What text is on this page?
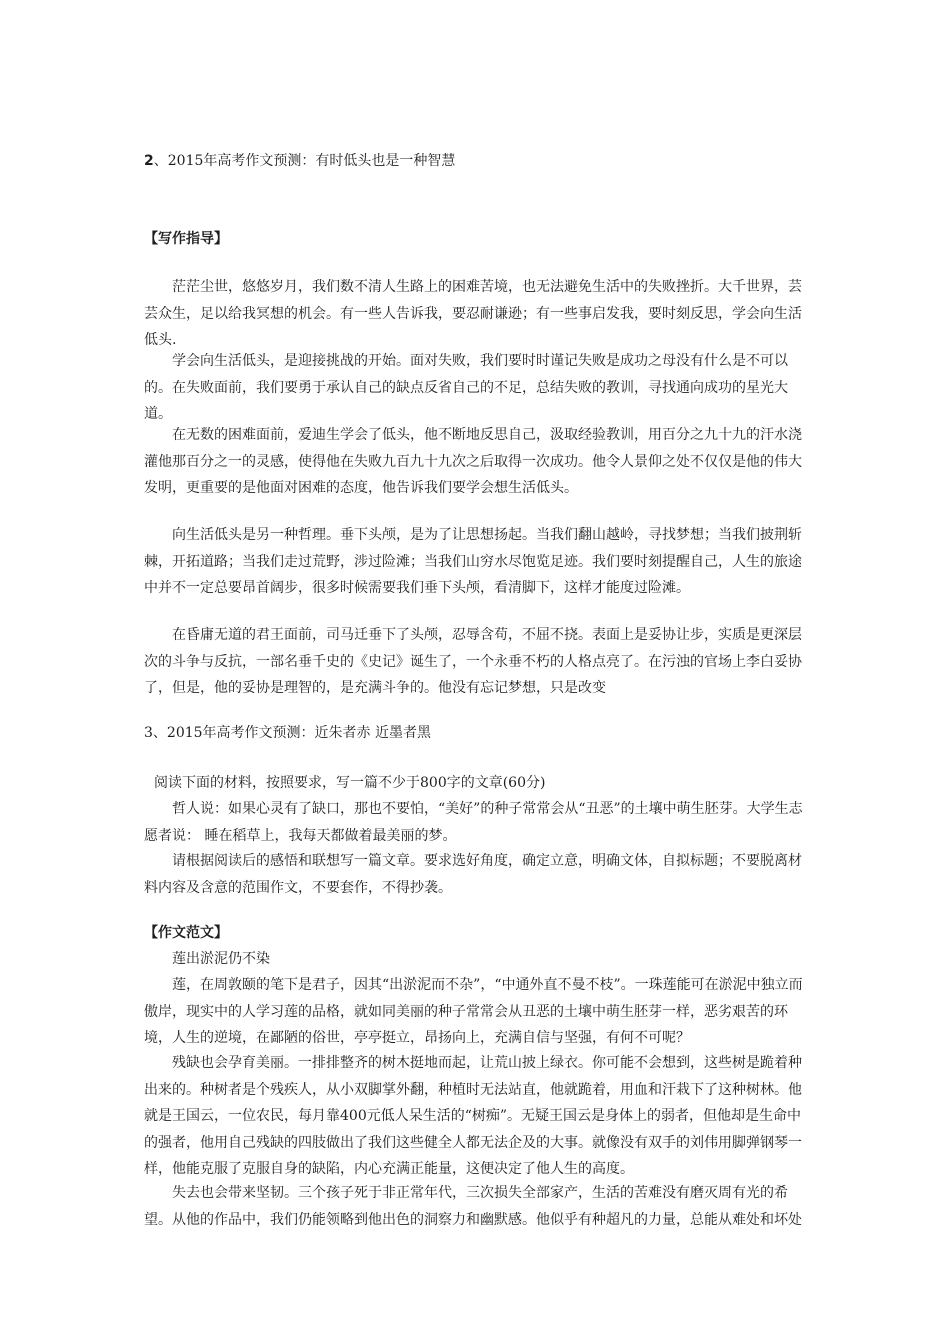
2、2015年高考作文预测：有时低头也是一种智慧

【写作指导】

茫茫尘世，悠悠岁月，我们数不清人生路上的困难苦境，也无法避免生活中的失败挫折。大千世界，芸芸众生，足以给我冥想的机会。有一些人告诉我，要忍耐谦逊；有一些事启发我，要时刻反思，学会向生活低头.

学会向生活低头，是迎接挑战的开始。面对失败，我们要时时谨记失败是成功之母没有什么是不可以的。在失败面前，我们要勇于承认自己的缺点反省自己的不足，总结失败的教训，寻找通向成功的星光大道。

在无数的困难面前，爱迪生学会了低头，他不断地反思自己，汲取经验教训，用百分之九十九的汗水浇灌他那百分之一的灵感，使得他在失败九百九十九次之后取得一次成功。他令人景仰之处不仅仅是他的伟大发明，更重要的是他面对困难的态度，他告诉我们要学会想生活低头。

向生活低头是另一种哲理。垂下头颅，是为了让思想扬起。当我们翻山越岭，寻找梦想；当我们披荆斩棘，开拓道路；当我们走过荒野，涉过险滩；当我们山穷水尽饱览足迹。我们要时刻提醒自己，人生的旅途中并不一定总要昂首阔步，很多时候需要我们垂下头颅，看清脚下，这样才能度过险滩。

在昏庸无道的君王面前，司马迁垂下了头颅，忍辱含苟，不屈不挠。表面上是妥协让步，实质是更深层次的斗争与反抗，一部名垂千史的《史记》诞生了，一个永垂不朽的人格点亮了。在污浊的官场上李白妥协了，但是，他的妥协是理智的，是充满斗争的。他没有忘记梦想，只是改变

3、2015年高考作文预测：近朱者赤 近墨者黑

阅读下面的材料，按照要求，写一篇不少于800字的文章(60分)

哲人说：如果心灵有了缺口，那也不要怕，“美好”的种子常常会从“丑恶”的土壤中萌生胚芽。大学生志愿者说： 睡在稻草上，我每天都做着最美丽的梦。

请根据阅读后的感悟和联想写一篇文章。要求选好角度，确定立意，明确文体，自拟标题；不要脱离材料内容及含意的范围作文，不要套作，不得抄袭。

【作文范文】

莲出淤泥仍不染

莲，在周敦颐的笔下是君子，因其“出淤泥而不杂”，“中通外直不曼不枝”。一珠莲能可在淤泥中独立而傲岸，现实中的人学习莲的品格，就如同美丽的种子常常会从丑恶的土壤中萌生胚芽一样，恶劣艰苦的环境，人生的逆境，在鄙陋的俗世，亭亭挺立，昂扬向上，充满自信与坚强，有何不可呢？

残缺也会孕育美丽。一排排整齐的树木挺地而起，让荒山披上绿衣。你可能不会想到，这些树是跪着种出来的。种树者是个残疾人，从小双脚掌外翻，种植时无法站直，他就跪着，用血和汗栽下了这种树林。他就是王国云，一位农民，每月靠400元低人呆生活的“树痴”。无疑王国云是身体上的弱者，但他却是生命中的强者，他用自己残缺的四肢做出了我们这些健全人都无法企及的大事。就像没有双手的刘伟用脚弹钢琴一样，他能克服了克服自身的缺陷，内心充满正能量，这便决定了他人生的高度。

失去也会带来坚韧。三个孩子死于非正常年代，三次损失全部家产，生活的苦难没有磨灭周有光的希望。从他的作品中，我们仍能领略到他出色的洞察力和幽默感。他似乎有种超凡的力量，总能从难处和坏处
